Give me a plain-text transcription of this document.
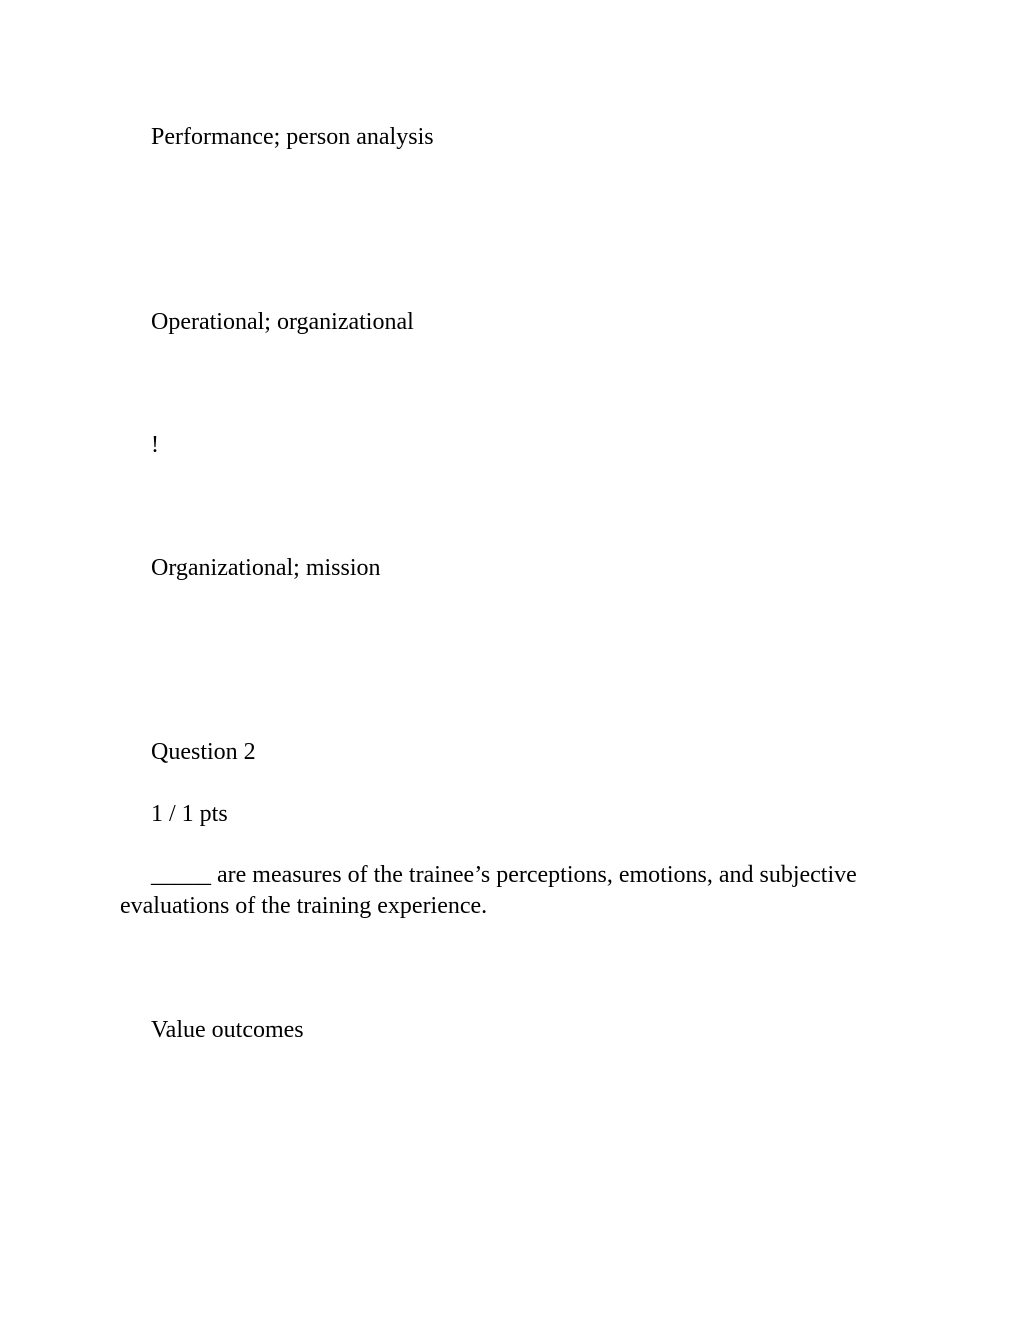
Performance; person analysis

Operational; organizational

!

Organizational; mission

Question 2

1 / 1 pts

_____ are measures of the trainee’s perceptions, emotions, and subjective evaluations of the training experience.

Value outcomes
